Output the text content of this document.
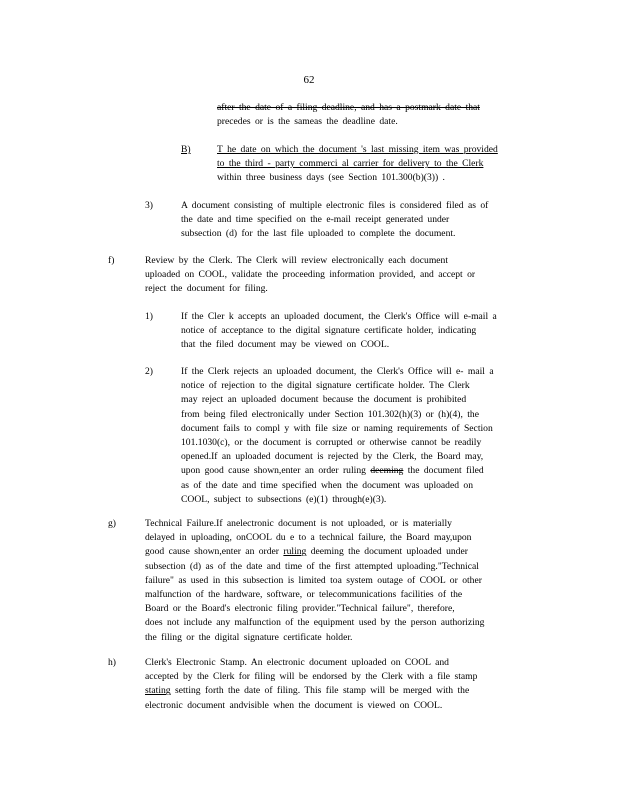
62
after the date of a filing deadline, and has a postmark date that
precedes or is the sameas the deadline date.
B)	T he date on which the document 's last missing item was provided
to the third - party commerci al carrier for delivery to the Clerk
within three business days (see Section 101.300(b)(3)) .
3)	A document consisting of multiple electronic files is considered filed as of
the date and time specified on the e-mail receipt generated under
subsection (d) for the last file uploaded to complete the document.
f)	Review by the Clerk. The Clerk will review electronically each document
uploaded on COOL, validate the proceeding information provided, and accept or
reject the document for filing.
1)	If the Cler k accepts an uploaded document, the Clerk's Office will e-mail a
notice of acceptance to the digital signature certificate holder, indicating
that the filed document may be viewed on COOL.
2)	If the Clerk rejects an uploaded document, the Clerk's Office will e- mail a
notice of rejection to the digital signature certificate holder. The Clerk
may reject an uploaded document because the document is prohibited
from being filed electronically under Section 101.302(h)(3) or (h)(4), the
document fails to compl y with file size or naming requirements of Section
101.1030(c), or the document is corrupted or otherwise cannot be readily
opened.If an uploaded document is rejected by the Clerk, the Board may,
upon good cause shown,enter an order ruling deeming the document filed
as of the date and time specified when the document was uploaded on
COOL, subject to subsections (e)(1) through(e)(3).
g)	Technical Failure.If anelectronic document is not uploaded, or is materially
delayed in uploading, onCOOL du e to a technical failure, the Board may,upon
good cause shown,enter an order ruling deeming the document uploaded under
subsection (d) as of the date and time of the first attempted uploading."Technical
failure" as used in this subsection is limited toa system outage of COOL or other
malfunction of the hardware, software, or telecommunications facilities of the
Board or the Board's electronic filing provider."Technical failure", therefore,
does not include any malfunction of the equipment used by the person authorizing
the filing or the digital signature certificate holder.
h)	Clerk's Electronic Stamp. An electronic document uploaded on COOL and
accepted by the Clerk for filing will be endorsed by the Clerk with a file stamp
stating setting forth the date of filing. This file stamp will be merged with the
electronic document andvisible when the document is viewed on COOL.
